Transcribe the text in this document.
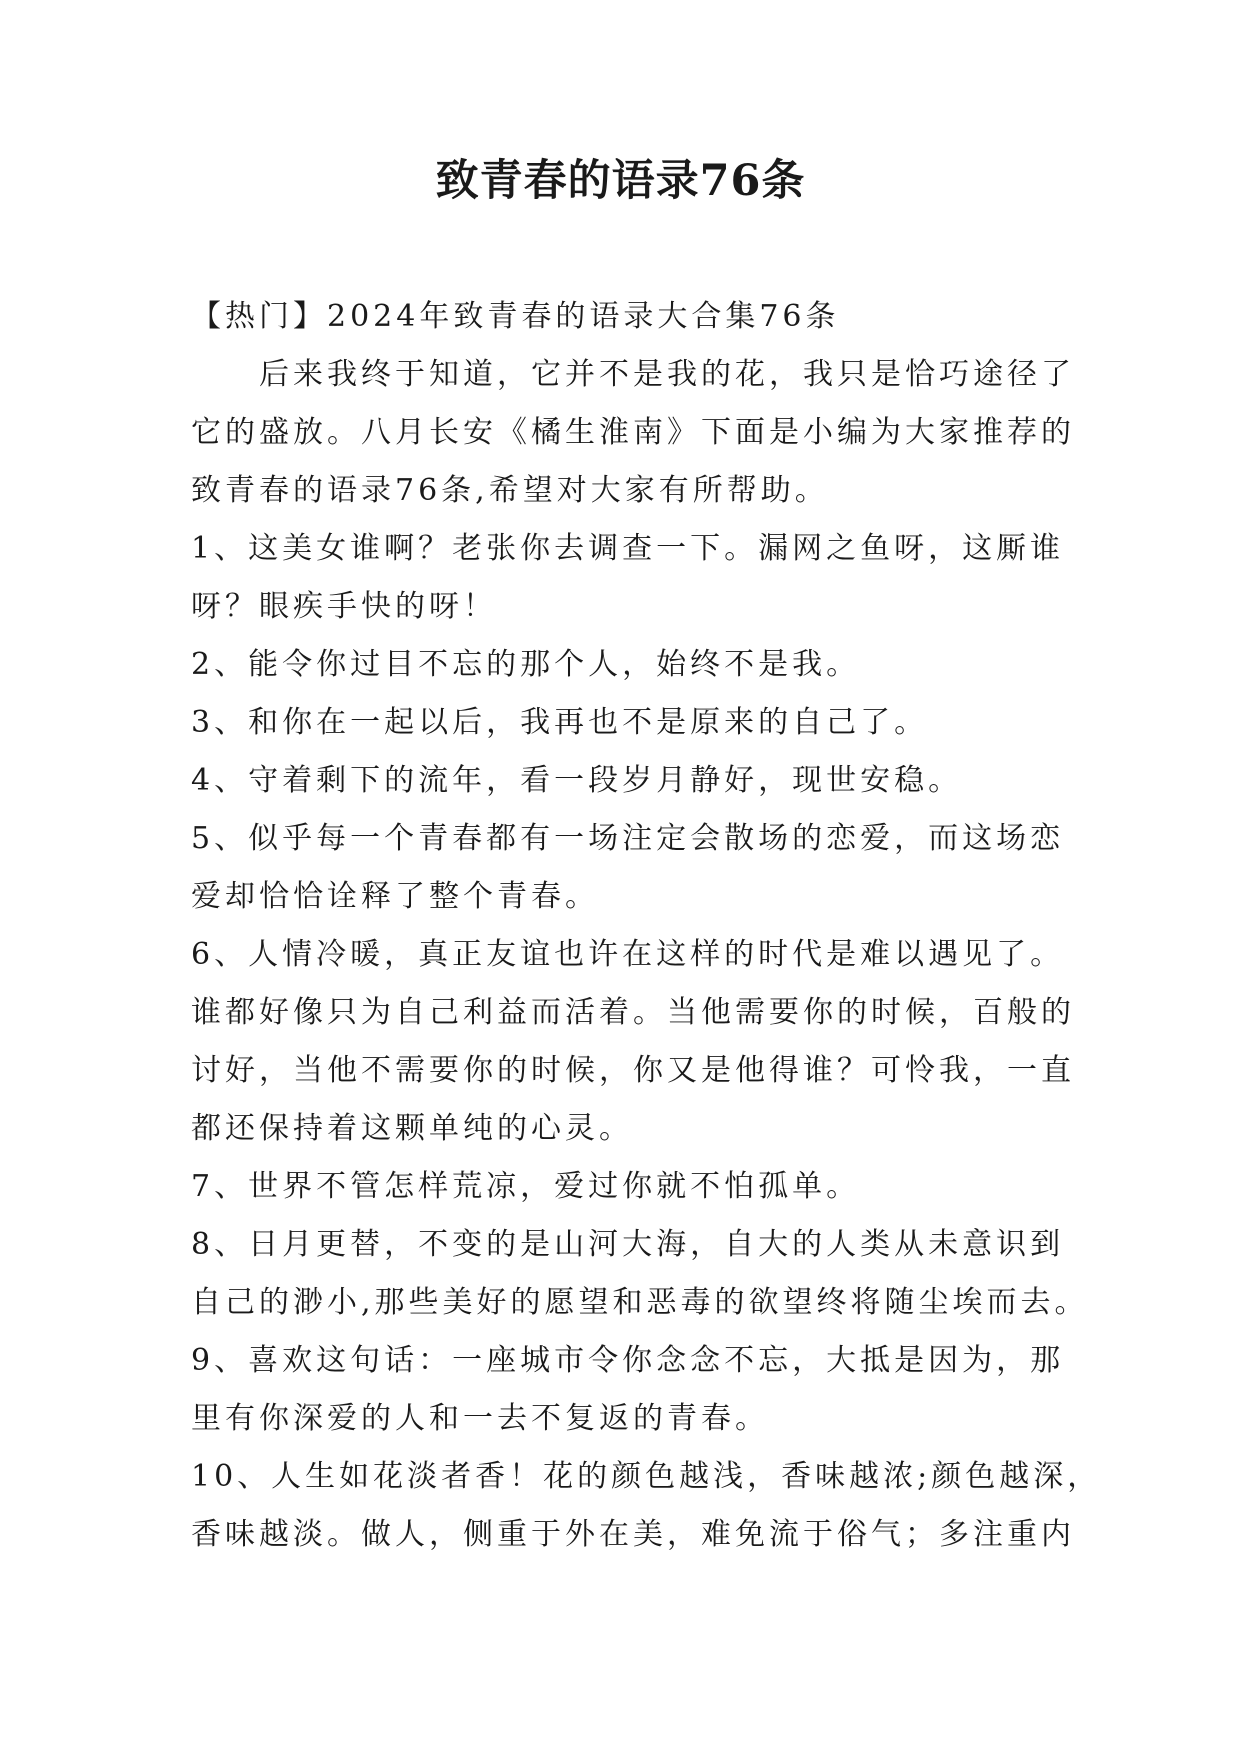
致青春的语录76条
【热门】2024年致青春的语录大合集76条
　　后来我终于知道，它并不是我的花，我只是恰巧途径了
它的盛放。八月长安《橘生淮南》下面是小编为大家推荐的
致青春的语录76条,希望对大家有所帮助。
1、这美女谁啊？老张你去调查一下。漏网之鱼呀，这厮谁
呀？眼疾手快的呀！
2、能令你过目不忘的那个人，始终不是我。
3、和你在一起以后，我再也不是原来的自己了。
4、守着剩下的流年，看一段岁月静好，现世安稳。
5、似乎每一个青春都有一场注定会散场的恋爱，而这场恋
爱却恰恰诠释了整个青春。
6、人情冷暖，真正友谊也许在这样的时代是难以遇见了。
谁都好像只为自己利益而活着。当他需要你的时候，百般的
讨好，当他不需要你的时候，你又是他得谁？可怜我，一直
都还保持着这颗单纯的心灵。
7、世界不管怎样荒凉，爱过你就不怕孤单。
8、日月更替，不变的是山河大海，自大的人类从未意识到
自己的渺小,那些美好的愿望和恶毒的欲望终将随尘埃而去。
9、喜欢这句话：一座城市令你念念不忘，大抵是因为，那
里有你深爱的人和一去不复返的青春。
10、人生如花淡者香！花的颜色越浅，香味越浓;颜色越深，
香味越淡。做人，侧重于外在美，难免流于俗气；多注重内
